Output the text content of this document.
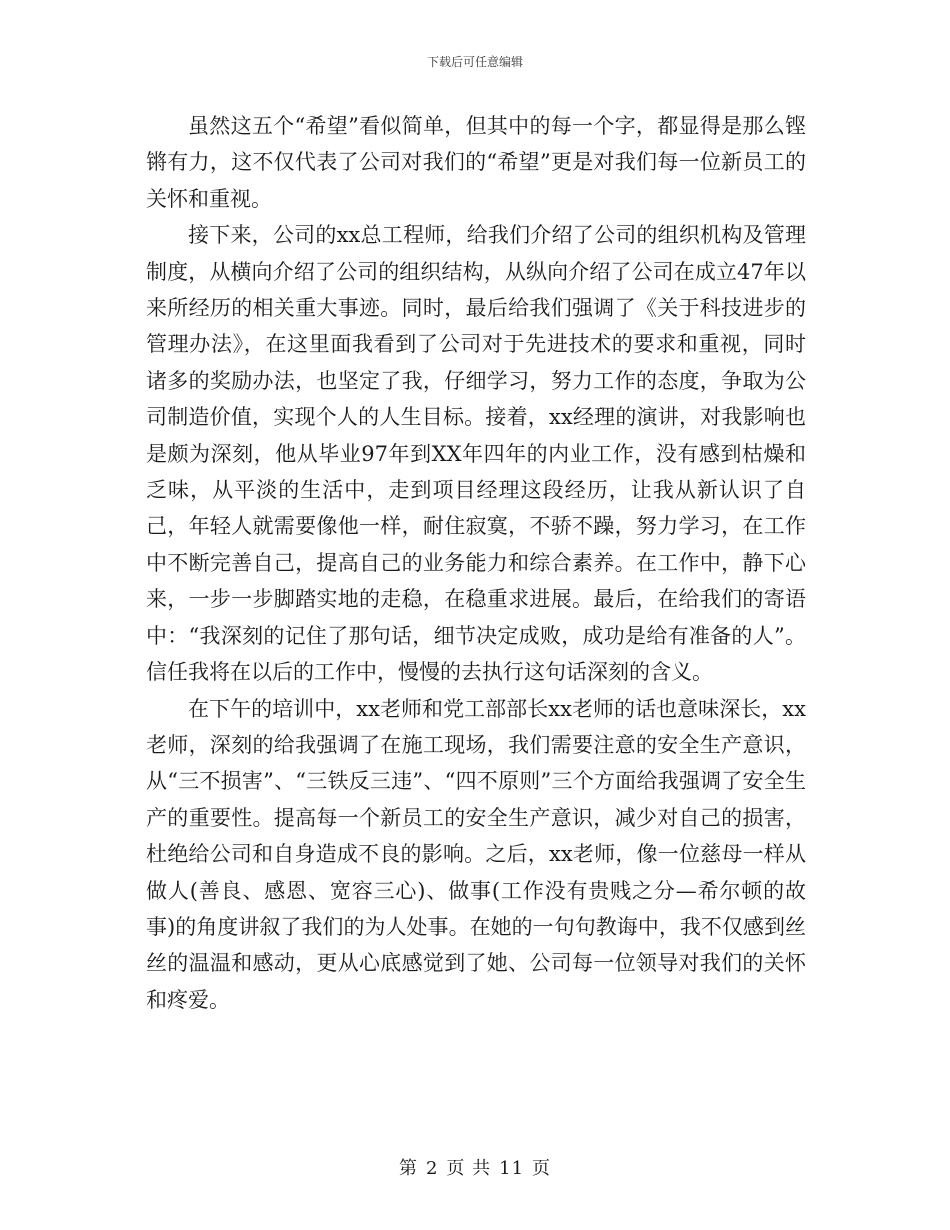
下载后可任意编辑

虽然这五个“希望”看似简单，但其中的每一个字，都显得是那么铿锵有力，这不仅代表了公司对我们的“希望”更是对我们每一位新员工的关怀和重视。

接下来，公司的xx总工程师，给我们介绍了公司的组织机构及管理制度，从横向介绍了公司的组织结构，从纵向介绍了公司在成立47年以来所经历的相关重大事迹。同时，最后给我们强调了《关于科技进步的管理办法》，在这里面我看到了公司对于先进技术的要求和重视，同时诸多的奖励办法，也坚定了我，仔细学习，努力工作的态度，争取为公司制造价值，实现个人的人生目标。接着，xx经理的演讲，对我影响也是颇为深刻，他从毕业97年到XX年四年的内业工作，没有感到枯燥和乏味，从平淡的生活中，走到项目经理这段经历，让我从新认识了自己，年轻人就需要像他一样，耐住寂寞，不骄不躁，努力学习，在工作中不断完善自己，提高自己的业务能力和综合素养。在工作中，静下心来，一步一步脚踏实地的走稳，在稳重求进展。最后，在给我们的寄语中：“我深刻的记住了那句话，细节决定成败，成功是给有准备的人”。信任我将在以后的工作中，慢慢的去执行这句话深刻的含义。

在下午的培训中，xx老师和党工部部长xx老师的话也意味深长，xx老师，深刻的给我强调了在施工现场，我们需要注意的安全生产意识，从“三不损害”、“三铁反三违”、“四不原则”三个方面给我强调了安全生产的重要性。提高每一个新员工的安全生产意识，减少对自己的损害，杜绝给公司和自身造成不良的影响。之后，xx老师，像一位慈母一样从做人(善良、感恩、宽容三心)、做事(工作没有贵贱之分—希尔顿的故事)的角度讲叙了我们的为人处事。在她的一句句教诲中，我不仅感到丝丝的温温和感动，更从心底感觉到了她、公司每一位领导对我们的关怀和疼爱。

第 2 页 共 11 页
